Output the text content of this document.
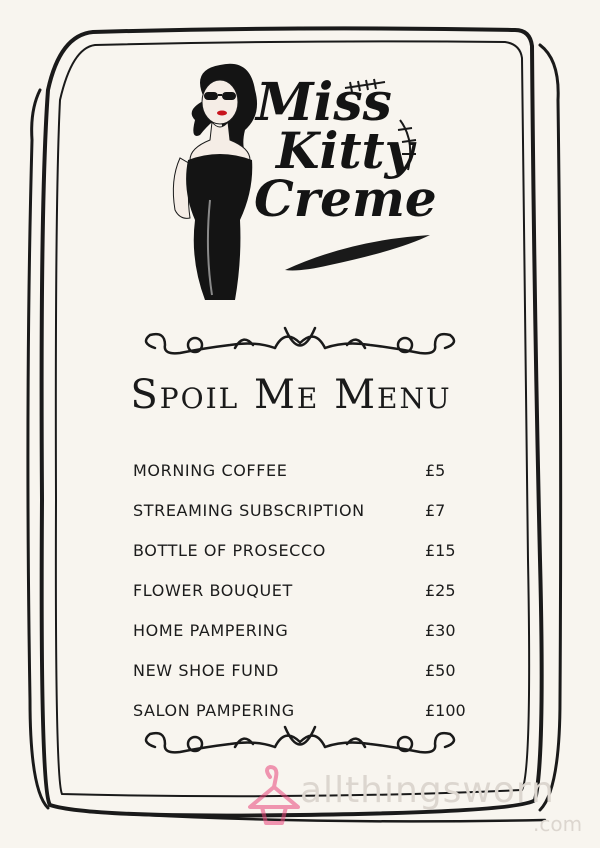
Miss
Kitty
Creme
Spoil Me Menu
MORNING COFFEE	£5
STREAMING SUBSCRIPTION	£7
BOTTLE OF PROSECCO	£15
FLOWER BOUQUET	£25
HOME PAMPERING	£30
NEW SHOE FUND	£50
SALON PAMPERING	£100
allthingsworn
.com
